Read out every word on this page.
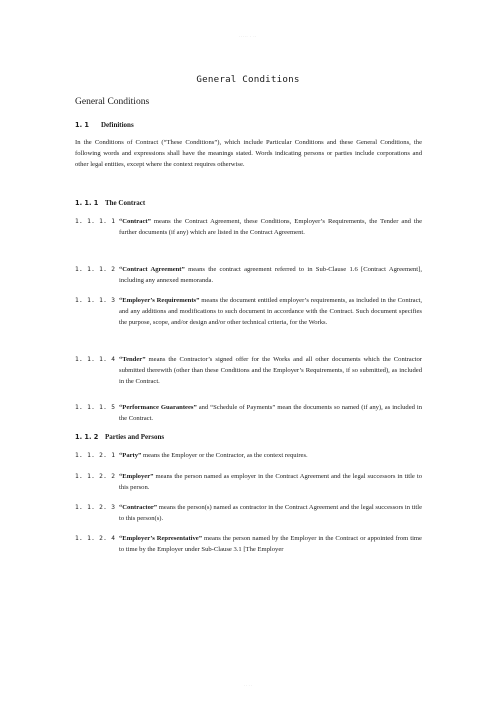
····· · ··
General Conditions
General Conditions
1. 1 Definitions
In the Conditions of Contract (“These Conditions”), which include Particular Conditions and these General Conditions, the following words and expressions shall have the meanings stated. Words indicating persons or parties include corporations and other legal entities, except where the context requires otherwise.
1. 1. 1 The Contract
1. 1. 1. 1 “Contract” means the Contract Agreement, these Conditions, Employer’s Requirements, the Tender and the further documents (if any) which are listed in the Contract Agreement.
1. 1. 1. 2 “Contract Agreement” means the contract agreement referred to in Sub-Clause 1.6 [Contract Agreement], including any annexed memoranda.
1. 1. 1. 3 “Employer’s Requirements” means the document entitled employer’s requirements, as included in the Contract, and any additions and modifications to such document in accordance with the Contract. Such document specifies the purpose, scope, and/or design and/or other technical criteria, for the Works.
1. 1. 1. 4 “Tender” means the Contractor’s signed offer for the Works and all other documents which the Contractor submitted therewith (other than these Conditions and the Employer’s Requirements, if so submitted), as included in the Contract.
1. 1. 1. 5 “Performance Guarantees” and “Schedule of Payments” mean the documents so named (if any), as included in the Contract.
1. 1. 2 Parties and Persons
1. 1. 2. 1 “Party” means the Employer or the Contractor, as the context requires.
1. 1. 2. 2 “Employer” means the person named as employer in the Contract Agreement and the legal successors in title to this person.
1. 1. 2. 3 “Contractor” means the person(s) named as contractor in the Contract Agreement and the legal successors in title to this person(s).
1. 1. 2. 4 “Employer’s Representative” means the person named by the Employer in the Contract or appointed from time to time by the Employer under Sub-Clause 3.1 [The Employer
· · · ·
